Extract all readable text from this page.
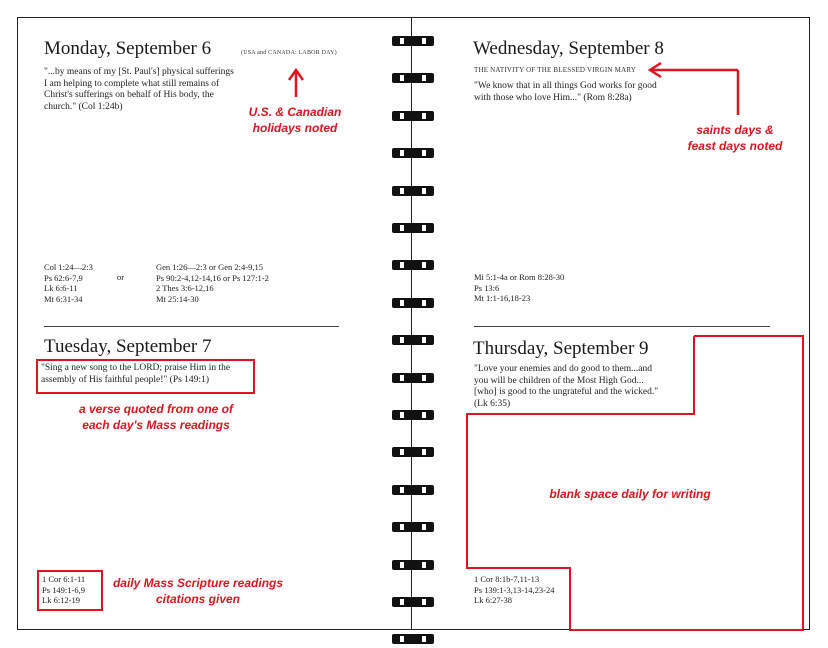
Monday, September 6	(USA and CANADA: LABOR DAY)
"...by means of my [St. Paul's] physical sufferings
I am helping to complete what still remains of
Christ's sufferings on behalf of His body, the
church." (Col 1:24b)
Col 1:24—2:3
Ps 62:6-7,9
Lk 6:6-11
Mt 6:31-34
or
Gen 1:26—2:3 or Gen 2:4-9,15
Ps 90:2-4,12-14,16 or Ps 127:1-2
2 Thes 3:6-12,16
Mt 25:14-30
Tuesday, September 7
"Sing a new song to the LORD; praise Him in the
assembly of His faithful people!" (Ps 149:1)
1 Cor 6:1-11
Ps 149:1-6,9
Lk 6:12-19
Wednesday, September 8
THE NATIVITY OF THE BLESSED VIRGIN MARY
"We know that in all things God works for good
with those who love Him..." (Rom 8:28a)
Mi 5:1-4a or Rom 8:28-30
Ps 13:6
Mt 1:1-16,18-23
Thursday, September 9
"Love your enemies and do good to them...and
you will be children of the Most High God...
[who] is good to the ungrateful and the wicked."
(Lk 6:35)
1 Cor 8:1b-7,11-13
Ps 139:1-3,13-14,23-24
Lk 6:27-38
U.S. & Canadian
holidays noted	saints days &
feast days noted
a verse quoted from one of
each day's Mass readings
daily Mass Scripture readings
citations given
blank space daily for writing
